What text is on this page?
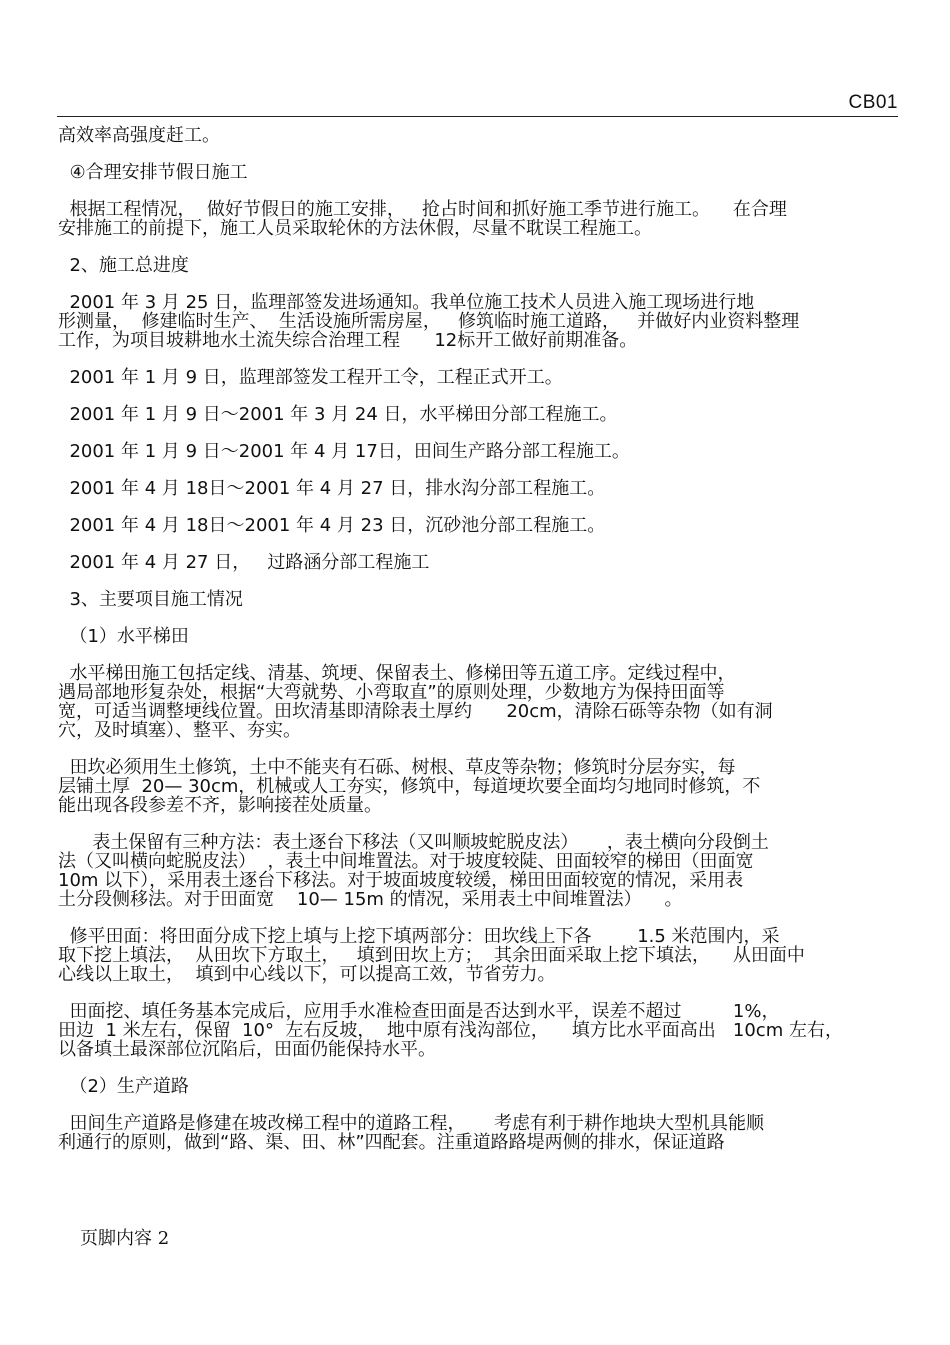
CB01

高效率高强度赶工。

④合理安排节假日施工

根据工程情况，  做好节假日的施工安排，   抢占时间和抓好施工季节进行施工。    在合理
安排施工的前提下，施工人员采取轮休的方法休假，尽量不耽误工程施工。

2、施工总进度

2001 年 3 月 25 日，监理部签发进场通知。我单位施工技术人员进入施工现场进行地
形测量，  修建临时生产、  生活设施所需房屋，   修筑临时施工道路，   并做好内业资料整理
工作，为项目坡耕地水土流失综合治理工程      12标开工做好前期准备。

2001 年 1 月 9 日，监理部签发工程开工令，工程正式开工。

2001 年 1 月 9 日～2001 年 3 月 24 日，水平梯田分部工程施工。

2001 年 1 月 9 日～2001 年 4 月 17日，田间生产路分部工程施工。

2001 年 4 月 18日～2001 年 4 月 27 日，排水沟分部工程施工。

2001 年 4 月 18日～2001 年 4 月 23 日，沉砂池分部工程施工。

2001 年 4 月 27 日，   过路涵分部工程施工

3、主要项目施工情况

（1）水平梯田

水平梯田施工包括定线、清基、筑埂、保留表土、修梯田等五道工序。定线过程中，
遇局部地形复杂处，根据“大弯就势、小弯取直”的原则处理，少数地方为保持田面等
宽，可适当调整埂线位置。田坎清基即清除表土厚约      20cm，清除石砾等杂物（如有洞
穴，及时填塞）、整平、夯实。

田坎必须用生土修筑，土中不能夹有石砾、树根、草皮等杂物；修筑时分层夯实，每
层铺土厚  20— 30cm，机械或人工夯实，修筑中，每道埂坎要全面均匀地同时修筑，不
能出现各段参差不齐，影响接茬处质量。

表土保留有三种方法：表土逐台下移法（又叫顺坡蛇脱皮法）     ，表土横向分段倒土
法（又叫横向蛇脱皮法）  ，表土中间堆置法。对于坡度较陡、田面较窄的梯田（田面宽
10m 以下），采用表土逐台下移法。对于坡面坡度较缓，梯田田面较宽的情况，采用表
土分段侧移法。对于田面宽    10— 15m 的情况，采用表土中间堆置法）    。

修平田面：将田面分成下挖上填与上挖下填两部分：田坎线上下各        1.5 米范围内，采
取下挖上填法，  从田坎下方取土，   填到田坎上方；  其余田面采取上挖下填法，    从田面中
心线以上取土，  填到中心线以下，可以提高工效，节省劳力。

田面挖、填任务基本完成后，应用手水准检查田面是否达到水平，误差不超过         1%，
田边  1 米左右，保留  10°  左右反坡，  地中原有浅沟部位，    填方比水平面高出   10cm 左右，
以备填土最深部位沉陷后，田面仍能保持水平。

（2）生产道路

田间生产道路是修建在坡改梯工程中的道路工程，     考虑有利于耕作地块大型机具能顺
利通行的原则，做到“路、渠、田、林”四配套。注重道路路堤两侧的排水，保证道路

页脚内容 2
